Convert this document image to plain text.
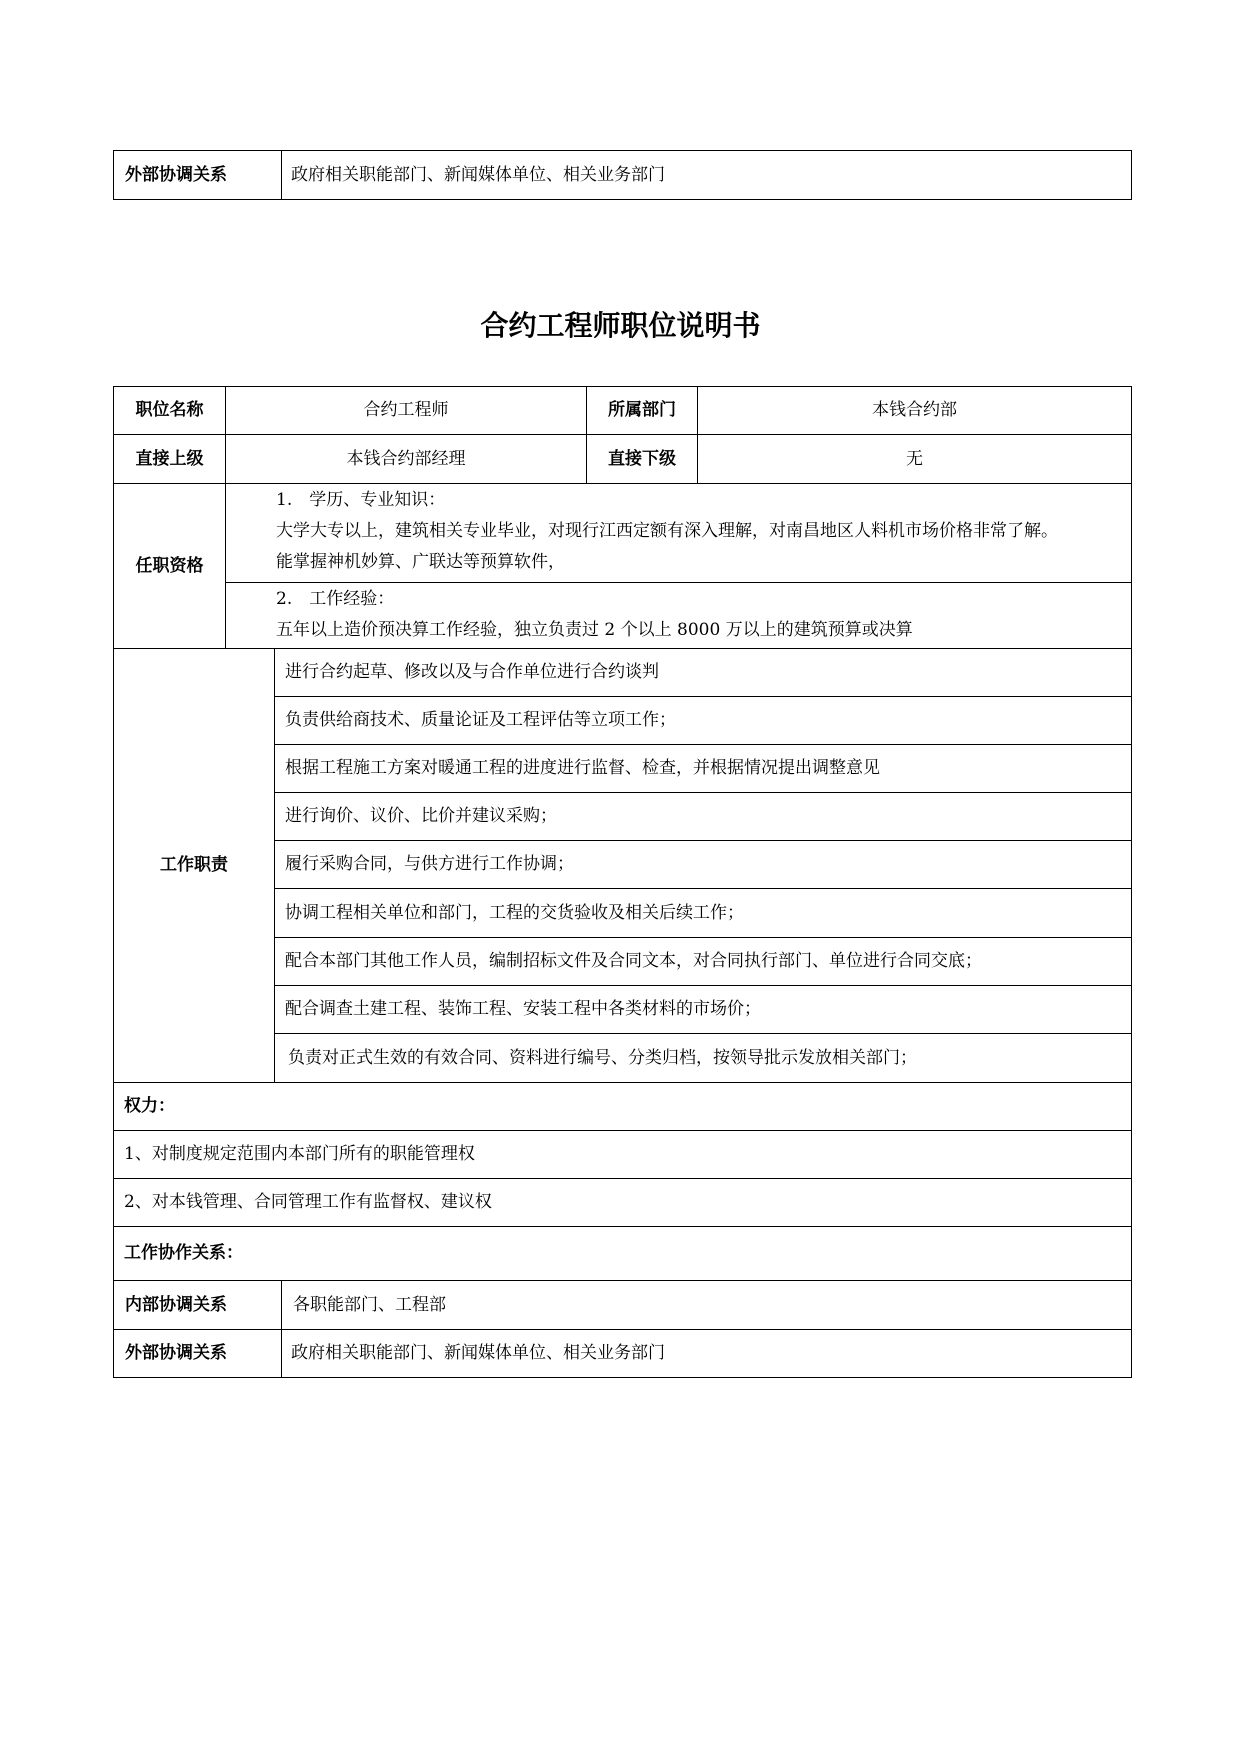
外部协调关系	政府相关职能部门、新闻媒体单位、相关业务部门
合约工程师职位说明书
职位名称	合约工程师	所属部门	本钱合约部
直接上级	本钱合约部经理	直接下级	无
任职资格
1.　学历、专业知识：
大学大专以上，建筑相关专业毕业，对现行江西定额有深入理解，对南昌地区人料机市场价格非常了解。
能掌握神机妙算、广联达等预算软件，
2.　工作经验：
五年以上造价预决算工作经验，独立负责过 2 个以上 8000 万以上的建筑预算或决算
工作职责
进行合约起草、修改以及与合作单位进行合约谈判
负责供给商技术、质量论证及工程评估等立项工作；
根据工程施工方案对暖通工程的进度进行监督、检查，并根据情况提出调整意见
进行询价、议价、比价并建议采购；
履行采购合同，与供方进行工作协调；
协调工程相关单位和部门，工程的交货验收及相关后续工作；
配合本部门其他工作人员，编制招标文件及合同文本，对合同执行部门、单位进行合同交底；
配合调查土建工程、装饰工程、安装工程中各类材料的市场价；
负责对正式生效的有效合同、资料进行编号、分类归档，按领导批示发放相关部门；
权力：
1、对制度规定范围内本部门所有的职能管理权
2、对本钱管理、合同管理工作有监督权、建议权
工作协作关系：
内部协调关系	各职能部门、工程部
外部协调关系	政府相关职能部门、新闻媒体单位、相关业务部门
